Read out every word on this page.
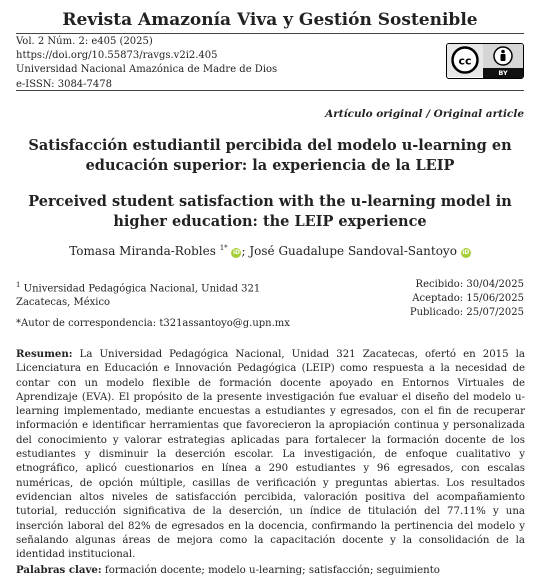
Revista Amazonía Viva y Gestión Sostenible
Vol. 2 Núm. 2: e405 (2025)
https://doi.org/10.55873/ravgs.v2i2.405
Universidad Nacional Amazónica de Madre de Dios
e-ISSN: 3084-7478
cc
BY
Artículo original / Original article
Satisfacción estudiantil percibida del modelo u-learning en educación superior: la experiencia de la LEIP
Perceived student satisfaction with the u-learning model in higher education: the LEIP experience
Tomasa Miranda-Robles $^{1*}$ iD; José Guadalupe Sandoval-Santoyo iD
$^1$ Universidad Pedagógica Nacional, Unidad 321
Zacatecas, México
Recibido: 30/04/2025
Aceptado: 15/06/2025
Publicado: 25/07/2025
*Autor de correspondencia: t321assantoyo@g.upn.mx
Resumen: La Universidad Pedagógica Nacional, Unidad 321 Zacatecas, ofertó en 2015 la Licenciatura en Educación e Innovación Pedagógica (LEIP) como respuesta a la necesidad de contar con un modelo flexible de formación docente apoyado en Entornos Virtuales de Aprendizaje (EVA). El propósito de la presente investigación fue evaluar el diseño del modelo u-learning implementado, mediante encuestas a estudiantes y egresados, con el fin de recuperar información e identificar herramientas que favorecieron la apropiación continua y personalizada del conocimiento y valorar estrategias aplicadas para fortalecer la formación docente de los estudiantes y disminuir la deserción escolar. La investigación, de enfoque cualitativo y etnográfico, aplicó cuestionarios en línea a 290 estudiantes y 96 egresados, con escalas numéricas, de opción múltiple, casillas de verificación y preguntas abiertas. Los resultados evidencian altos niveles de satisfacción percibida, valoración positiva del acompañamiento tutorial, reducción significativa de la deserción, un índice de titulación del 77.11% y una inserción laboral del 82% de egresados en la docencia, confirmando la pertinencia del modelo y señalando algunas áreas de mejora como la capacitación docente y la consolidación de la identidad institucional.
Palabras clave: formación docente; modelo u-learning; satisfacción; seguimiento
